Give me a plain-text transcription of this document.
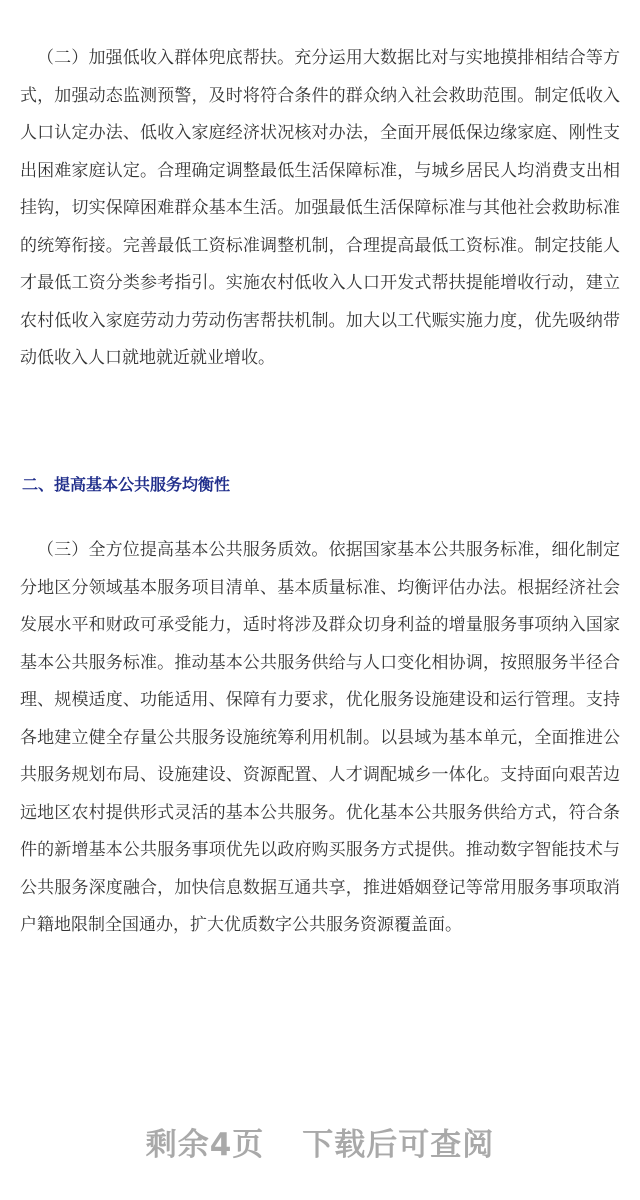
（二）加强低收入群体兜底帮扶。充分运用大数据比对与实地摸排相结合等方式，加强动态监测预警，及时将符合条件的群众纳入社会救助范围。制定低收入人口认定办法、低收入家庭经济状况核对办法，全面开展低保边缘家庭、刚性支出困难家庭认定。合理确定调整最低生活保障标准，与城乡居民人均消费支出相挂钩，切实保障困难群众基本生活。加强最低生活保障标准与其他社会救助标准的统筹衔接。完善最低工资标准调整机制，合理提高最低工资标准。制定技能人才最低工资分类参考指引。实施农村低收入人口开发式帮扶提能增收行动，建立农村低收入家庭劳动力劳动伤害帮扶机制。加大以工代赈实施力度，优先吸纳带动低收入人口就地就近就业增收。

二、提高基本公共服务均衡性

（三）全方位提高基本公共服务质效。依据国家基本公共服务标准，细化制定分地区分领域基本服务项目清单、基本质量标准、均衡评估办法。根据经济社会发展水平和财政可承受能力，适时将涉及群众切身利益的增量服务事项纳入国家基本公共服务标准。推动基本公共服务供给与人口变化相协调，按照服务半径合理、规模适度、功能适用、保障有力要求，优化服务设施建设和运行管理。支持各地建立健全存量公共服务设施统筹利用机制。以县域为基本单元，全面推进公共服务规划布局、设施建设、资源配置、人才调配城乡一体化。支持面向艰苦边远地区农村提供形式灵活的基本公共服务。优化基本公共服务供给方式，符合条件的新增基本公共服务事项优先以政府购买服务方式提供。推动数字智能技术与公共服务深度融合，加快信息数据互通共享，推进婚姻登记等常用服务事项取消户籍地限制全国通办，扩大优质数字公共服务资源覆盖面。

剩余4页 下载后可查阅
